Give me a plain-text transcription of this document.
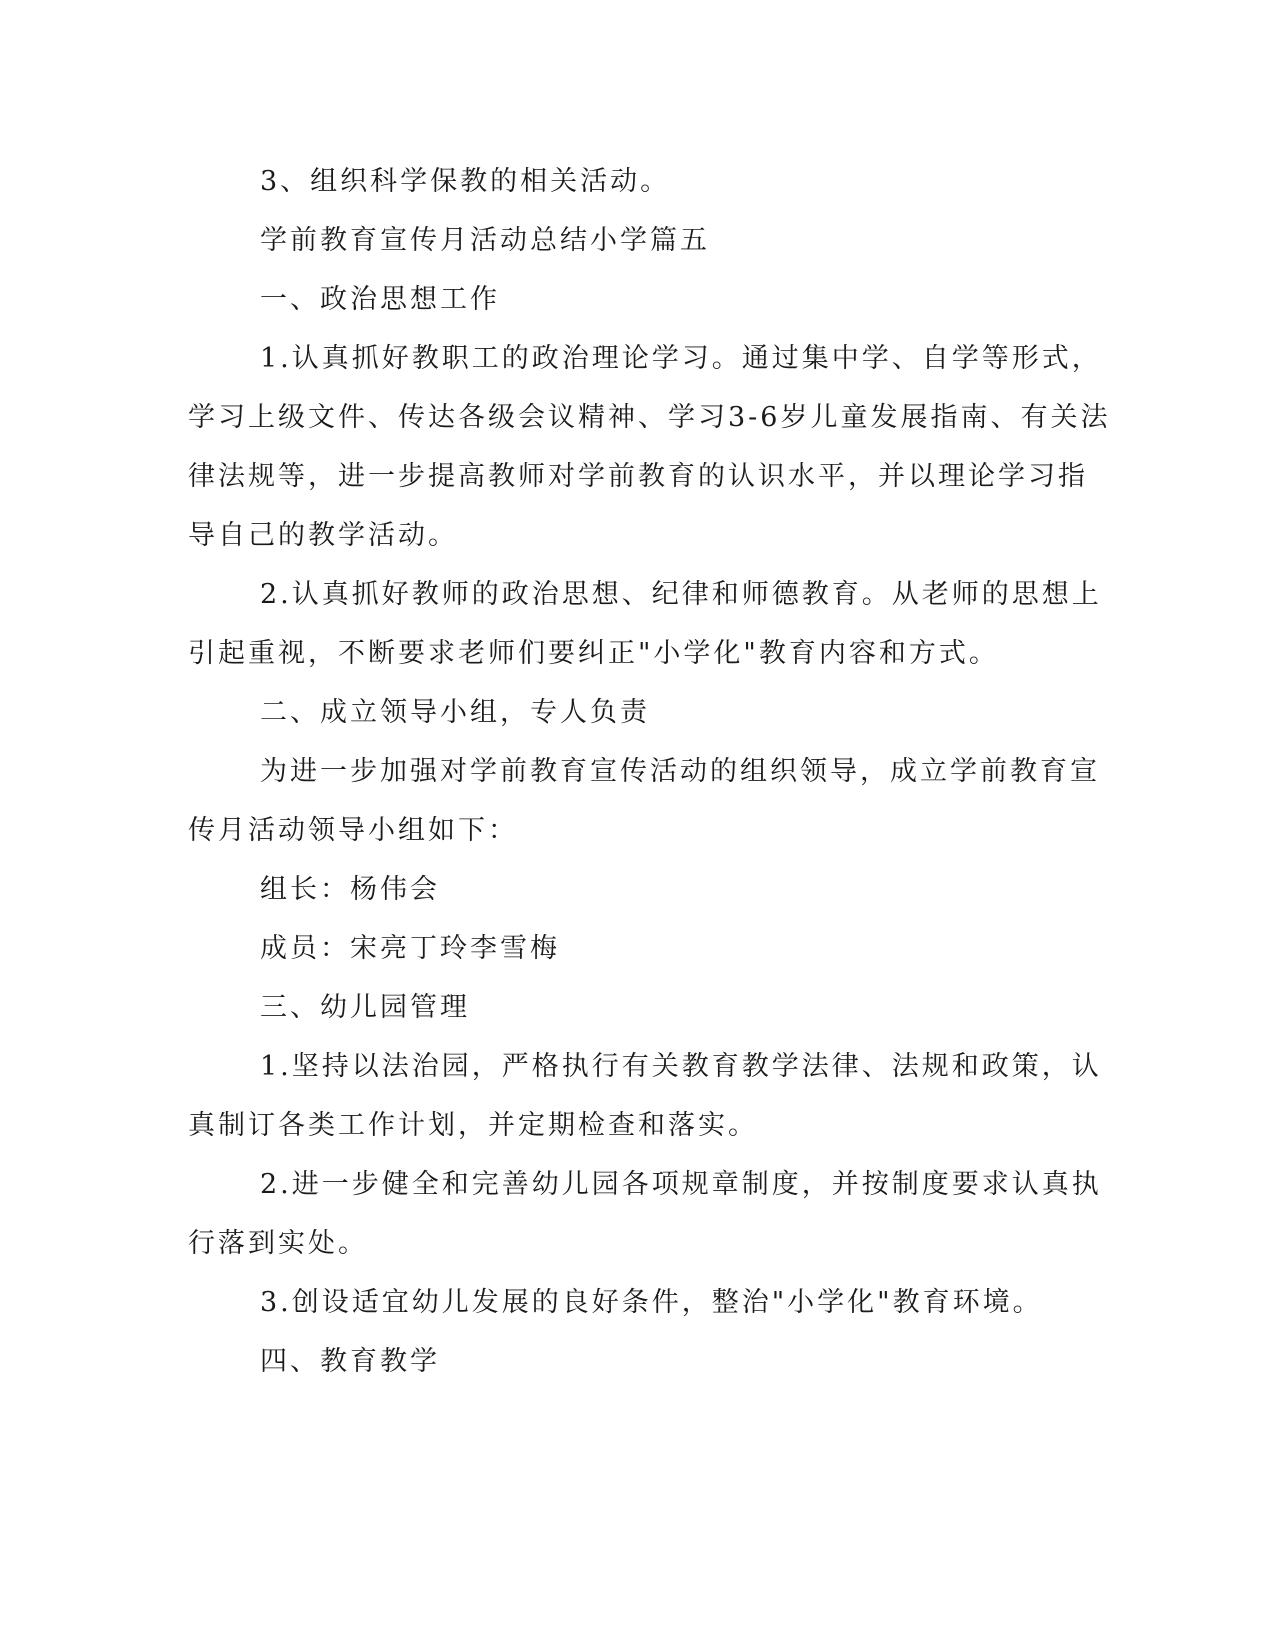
3、组织科学保教的相关活动。
学前教育宣传月活动总结小学篇五
一、政治思想工作
1.认真抓好教职工的政治理论学习。通过集中学、自学等形式，
学习上级文件、传达各级会议精神、学习3-6岁儿童发展指南、有关法
律法规等，进一步提高教师对学前教育的认识水平，并以理论学习指
导自己的教学活动。
2.认真抓好教师的政治思想、纪律和师德教育。从老师的思想上
引起重视，不断要求老师们要纠正"小学化"教育内容和方式。
二、成立领导小组，专人负责
为进一步加强对学前教育宣传活动的组织领导，成立学前教育宣
传月活动领导小组如下：
组长：杨伟会
成员：宋亮丁玲李雪梅
三、幼儿园管理
1.坚持以法治园，严格执行有关教育教学法律、法规和政策，认
真制订各类工作计划，并定期检查和落实。
2.进一步健全和完善幼儿园各项规章制度，并按制度要求认真执
行落到实处。
3.创设适宜幼儿发展的良好条件，整治"小学化"教育环境。
四、教育教学
